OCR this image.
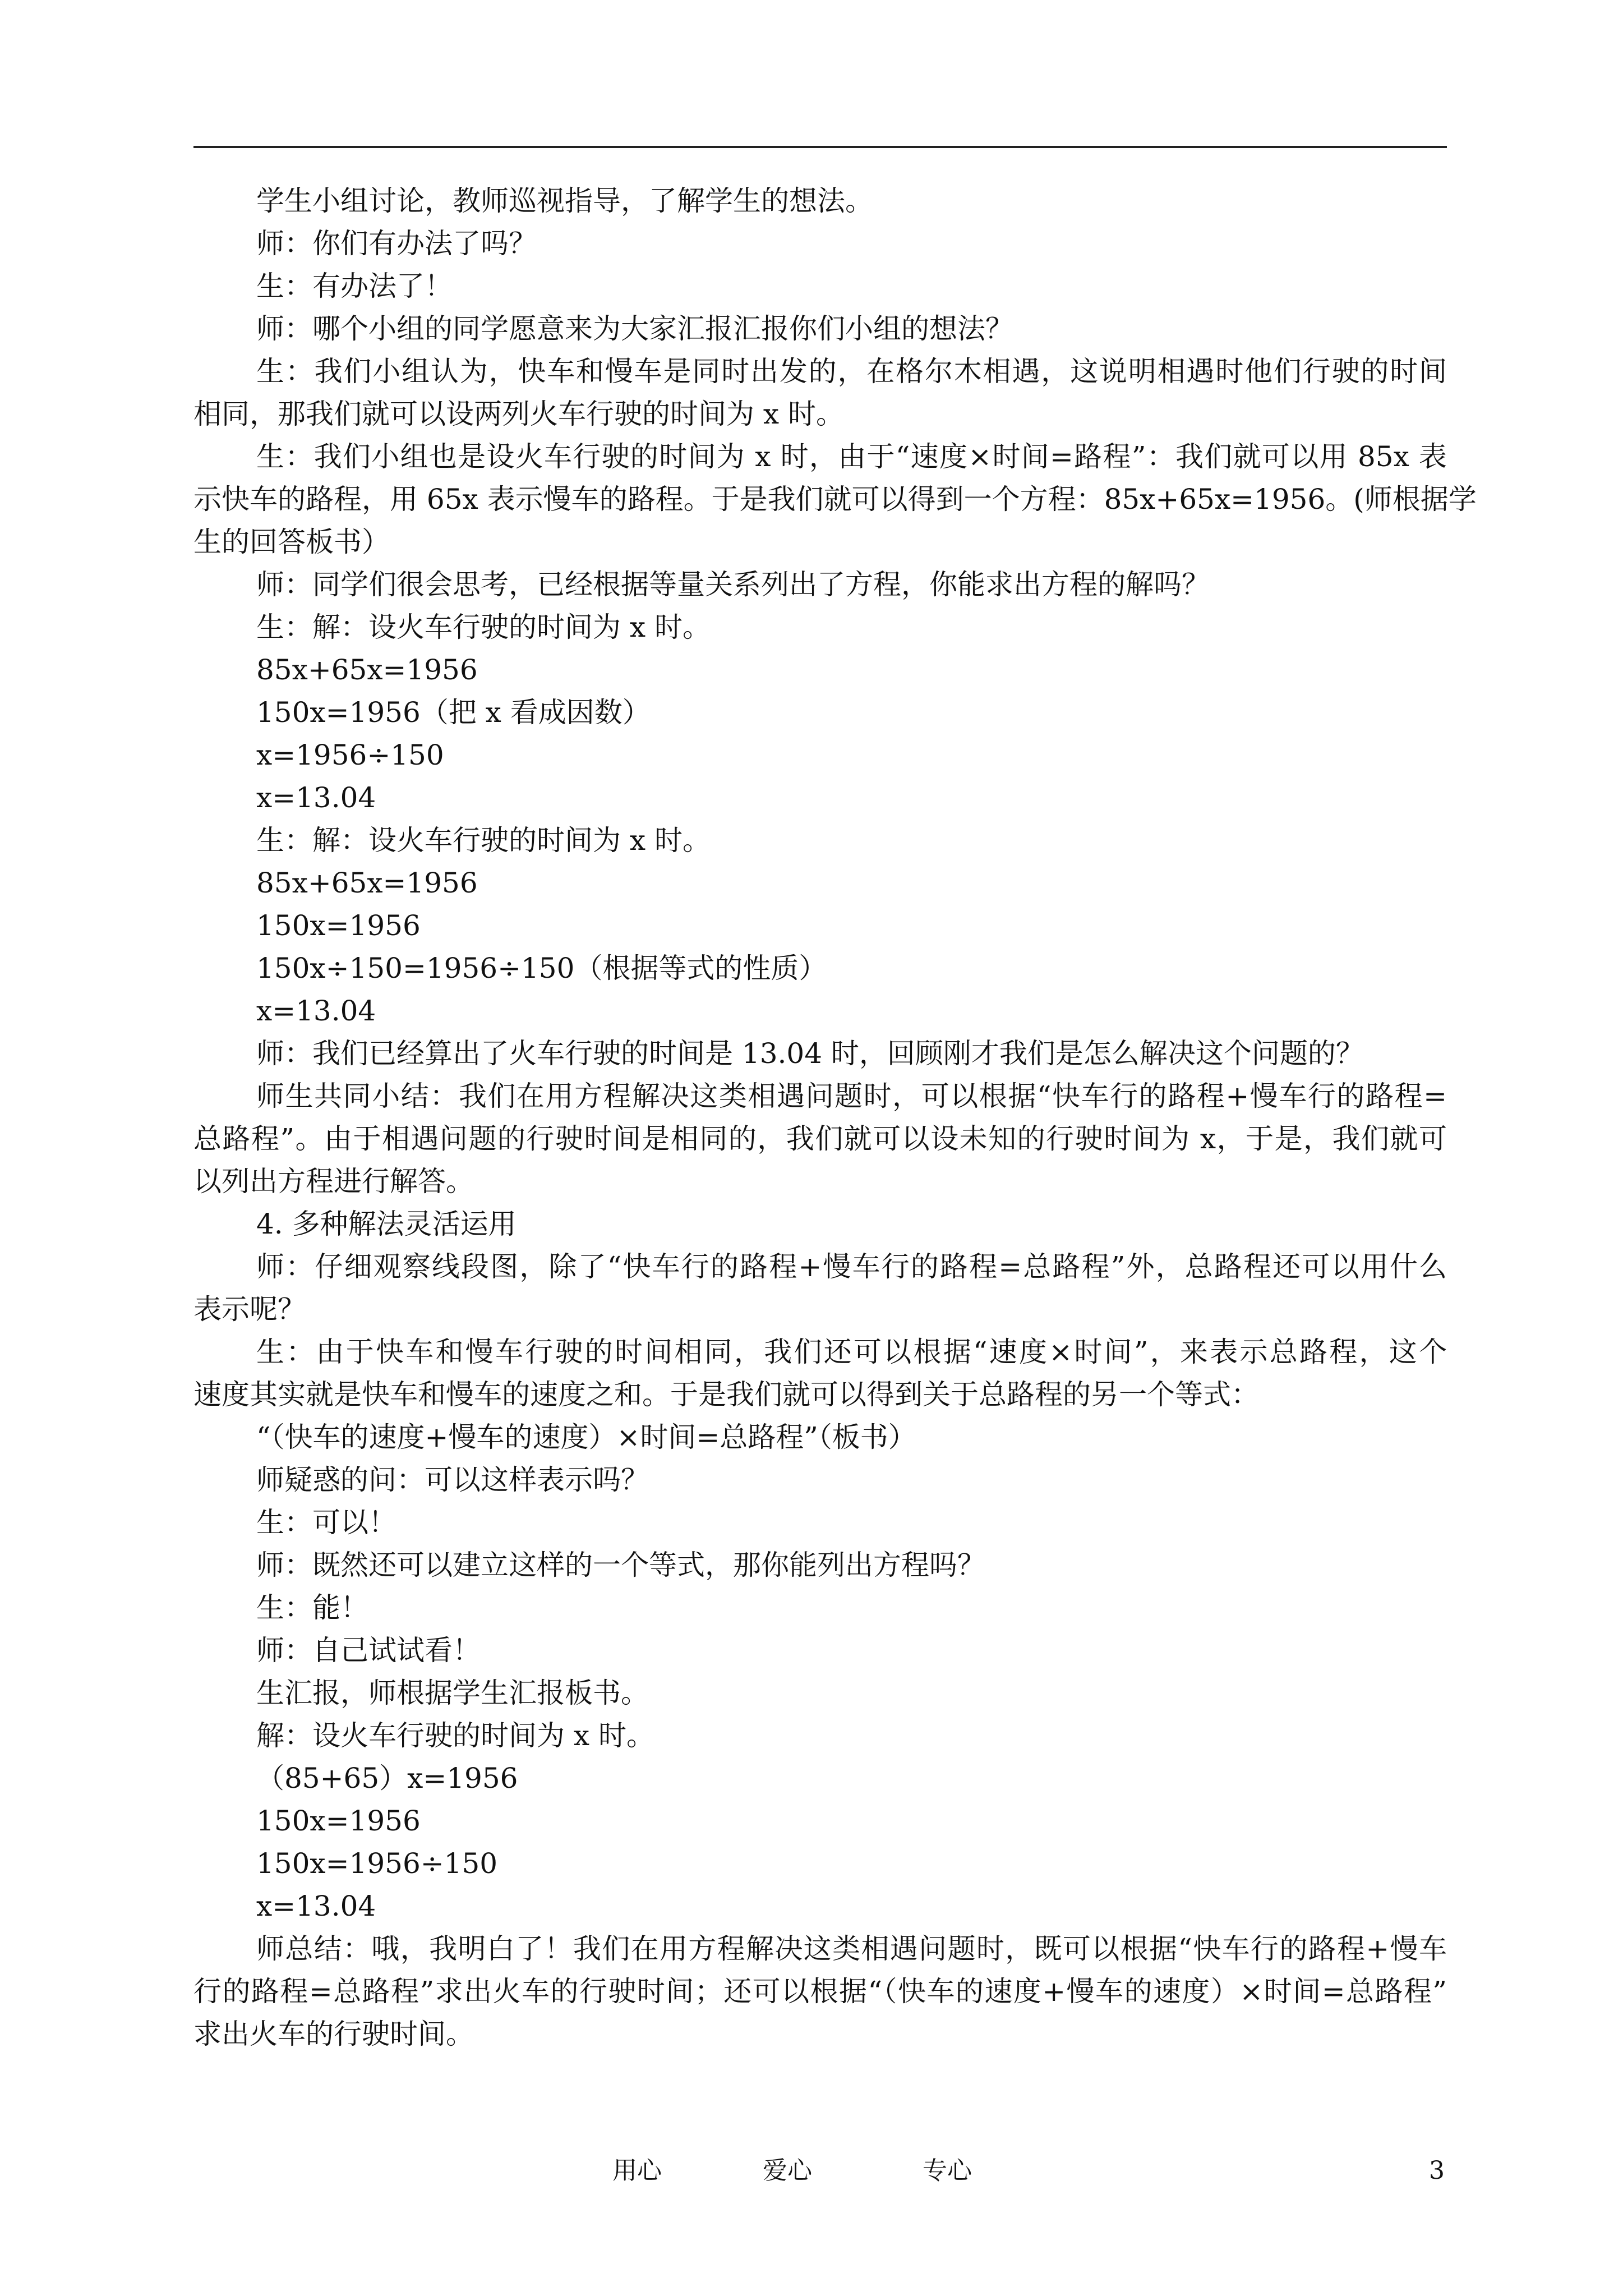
学生小组讨论，教师巡视指导，了解学生的想法。

师：你们有办法了吗？

生：有办法了！

师：哪个小组的同学愿意来为大家汇报汇报你们小组的想法？

生：我们小组认为，快车和慢车是同时出发的，在格尔木相遇，这说明相遇时他们行驶的时间

相同，那我们就可以设两列火车行驶的时间为 x 时。

生：我们小组也是设火车行驶的时间为 x 时，由于“速度×时间=路程”：我们就可以用 85x 表

示快车的路程，用 65x 表示慢车的路程。于是我们就可以得到一个方程：85x+65x=1956。(师根据学

生的回答板书）

师：同学们很会思考，已经根据等量关系列出了方程，你能求出方程的解吗？

生：解：设火车行驶的时间为 x 时。

85x+65x=1956

150x=1956（把 x 看成因数）

x=1956÷150

x=13.04

生：解：设火车行驶的时间为 x 时。

85x+65x=1956

150x=1956

150x÷150=1956÷150（根据等式的性质）

x=13.04

师：我们已经算出了火车行驶的时间是 13.04 时，回顾刚才我们是怎么解决这个问题的？

师生共同小结：我们在用方程解决这类相遇问题时，可以根据“快车行的路程+慢车行的路程=

总路程”。由于相遇问题的行驶时间是相同的，我们就可以设未知的行驶时间为 x，于是，我们就可

以列出方程进行解答。

4. 多种解法灵活运用

师：仔细观察线段图，除了“快车行的路程+慢车行的路程=总路程”外，总路程还可以用什么

表示呢？

生：由于快车和慢车行驶的时间相同，我们还可以根据“速度×时间”，来表示总路程，这个

速度其实就是快车和慢车的速度之和。于是我们就可以得到关于总路程的另一个等式：

“（快车的速度+慢车的速度）×时间=总路程”（板书）

师疑惑的问：可以这样表示吗？

生：可以！

师：既然还可以建立这样的一个等式，那你能列出方程吗？

生：能！

师：自己试试看！

生汇报，师根据学生汇报板书。

解：设火车行驶的时间为 x 时。

（85+65）x=1956

150x=1956

150x=1956÷150

x=13.04

师总结：哦，我明白了！我们在用方程解决这类相遇问题时，既可以根据“快车行的路程+慢车

行的路程=总路程”求出火车的行驶时间；还可以根据“（快车的速度+慢车的速度）×时间=总路程”

求出火车的行驶时间。

用心	爱心	专心	3
